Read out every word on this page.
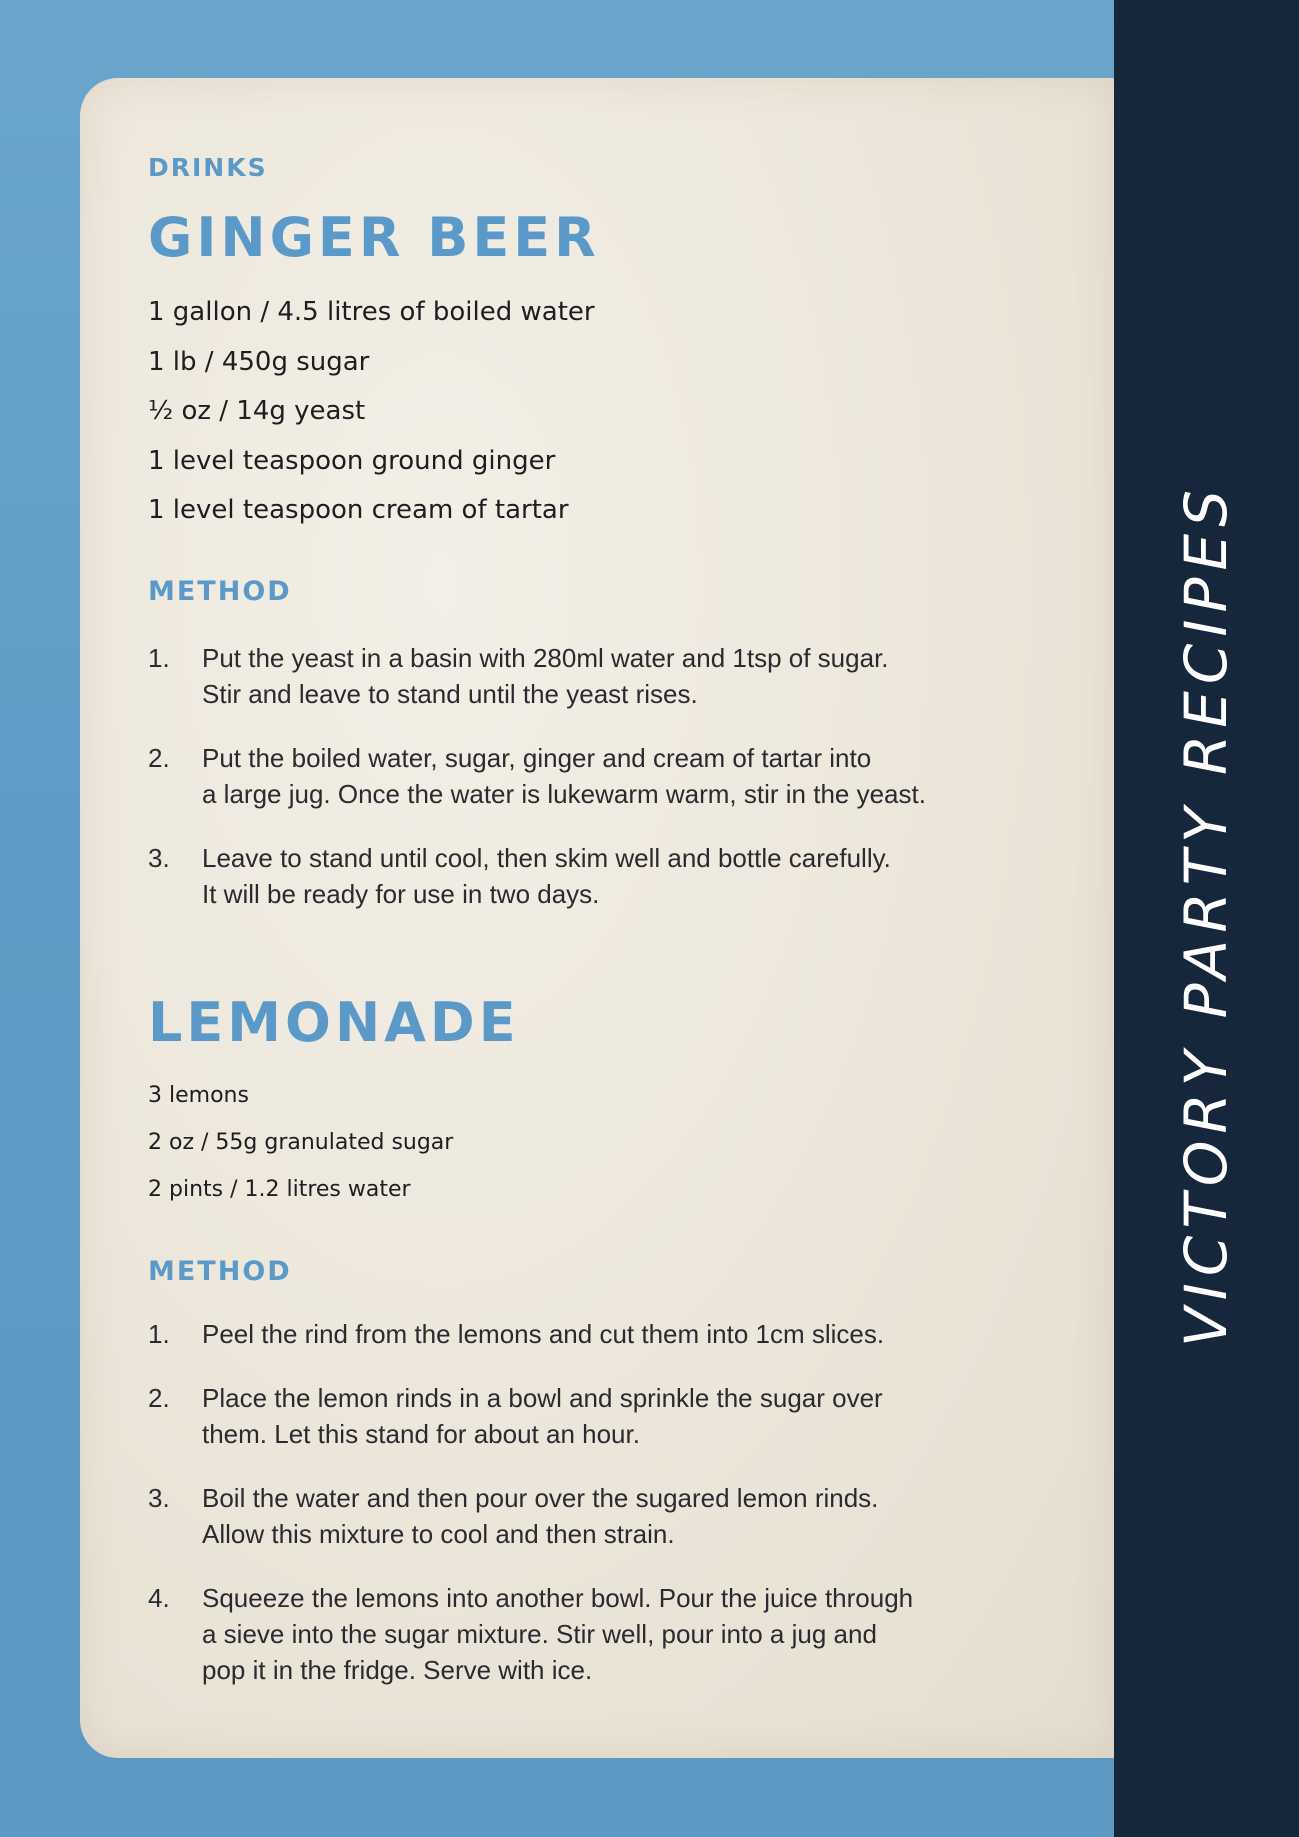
VICTORY PARTY RECIPES
DRINKS
GINGER BEER
1 gallon / 4.5 litres of boiled water
1 lb / 450g sugar
½ oz / 14g yeast
1 level teaspoon ground ginger
1 level teaspoon cream of tartar
METHOD
1.	Put the yeast in a basin with 280ml water and 1tsp of sugar.
Stir and leave to stand until the yeast rises.
2.	Put the boiled water, sugar, ginger and cream of tartar into
a large jug. Once the water is lukewarm warm, stir in the yeast.
3.	Leave to stand until cool, then skim well and bottle carefully.
It will be ready for use in two days.
LEMONADE
3 lemons
2 oz / 55g granulated sugar
2 pints / 1.2 litres water
METHOD
1.	Peel the rind from the lemons and cut them into 1cm slices.
2.	Place the lemon rinds in a bowl and sprinkle the sugar over
them. Let this stand for about an hour.
3.	Boil the water and then pour over the sugared lemon rinds.
Allow this mixture to cool and then strain.
4.	Squeeze the lemons into another bowl. Pour the juice through
a sieve into the sugar mixture. Stir well, pour into a jug and
pop it in the fridge. Serve with ice.
